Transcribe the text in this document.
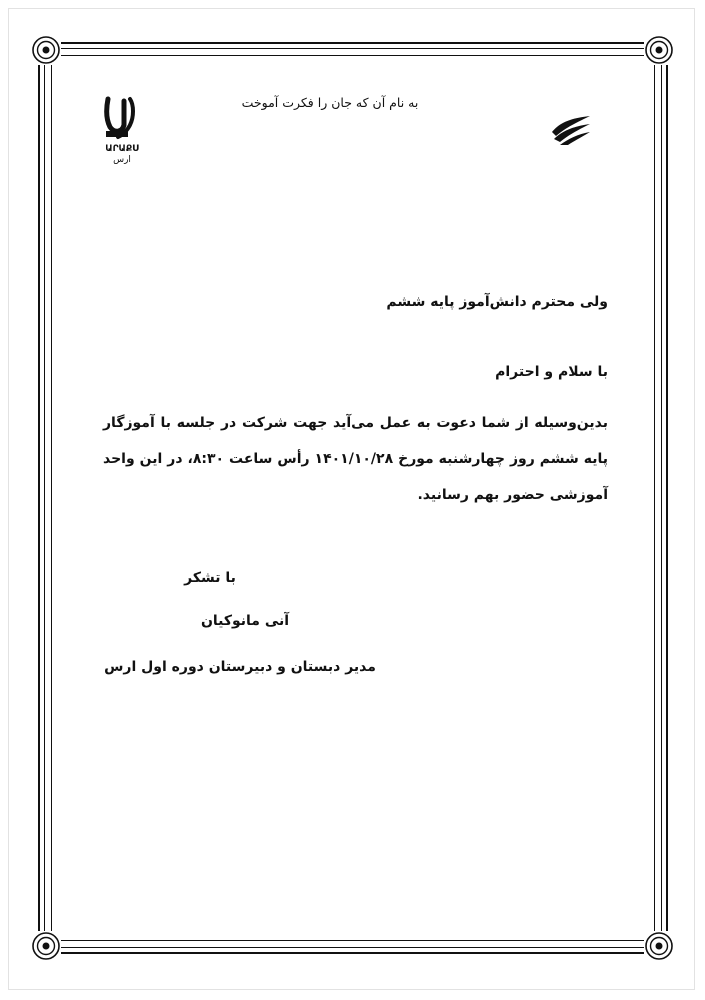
ԱՐԱՔՍ
ارس
به نام آن که جان را فکرت آموخت
ولی محترم دانش‌آموز پایه ششم
با سلام و احترام
بدین‌وسیله از شما دعوت به عمل می‌آید جهت شرکت در جلسه با آموزگار پایه ششم روز چهارشنبه مورخ ۱۴۰۱/۱۰/۲۸ رأس ساعت ۸:۳۰، در این واحد آموزشی حضور بهم رسانید.
با تشکر
آنی مانوکیان
مدیر دبستان و دبیرستان دوره اول ارس
